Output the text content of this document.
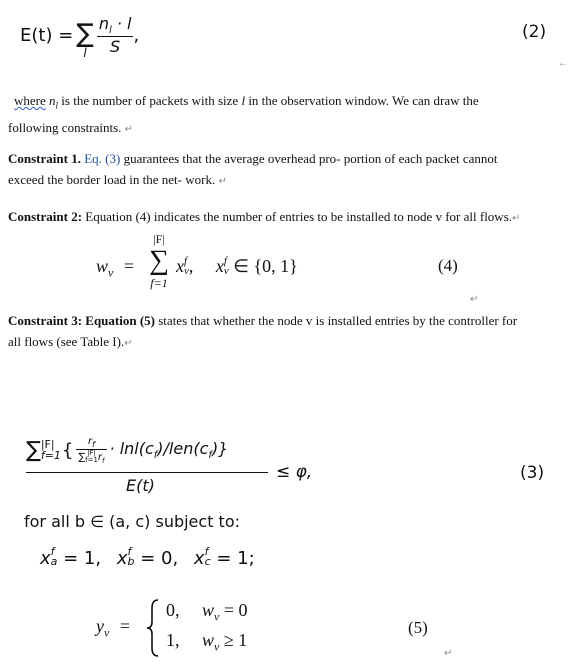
E(t) = ∑
l $\frac{n_l \cdot l}{S}$ ,	(2)
←
where $n_l$ is the number of packets with size l in the observation window. We can draw the
following constraints. ↵
Constraint 1. Eq. (3) guarantees that the average overhead pro- portion of each packet cannot
exceed the border load in the net- work. ↵
Constraint 2: Equation (4) indicates the number of entries to be installed to node v for all flows.↵
$w_v$ =
|F|
∑
f=1
x f
v , x f
v ∈ {0, 1}	(4)
↵
Constraint 3: Equation (5) states that whether the node v is installed entries by the controller for
all flows (see Table I).↵
∑ |F|
f=1 { $r_f$
∑ |F|
f=1 $r_f \cdot \ln l(c_f)/len(c_f)$}
E(t)
≤ φ,	(3)
for all b ∈ (a, c) subject to:
x f
a = 1, x f
b = 0, x f
c = 1;
$y_v$ =
0, $w_v = 0$
1, $w_v \ge 1$
(5)
↵
